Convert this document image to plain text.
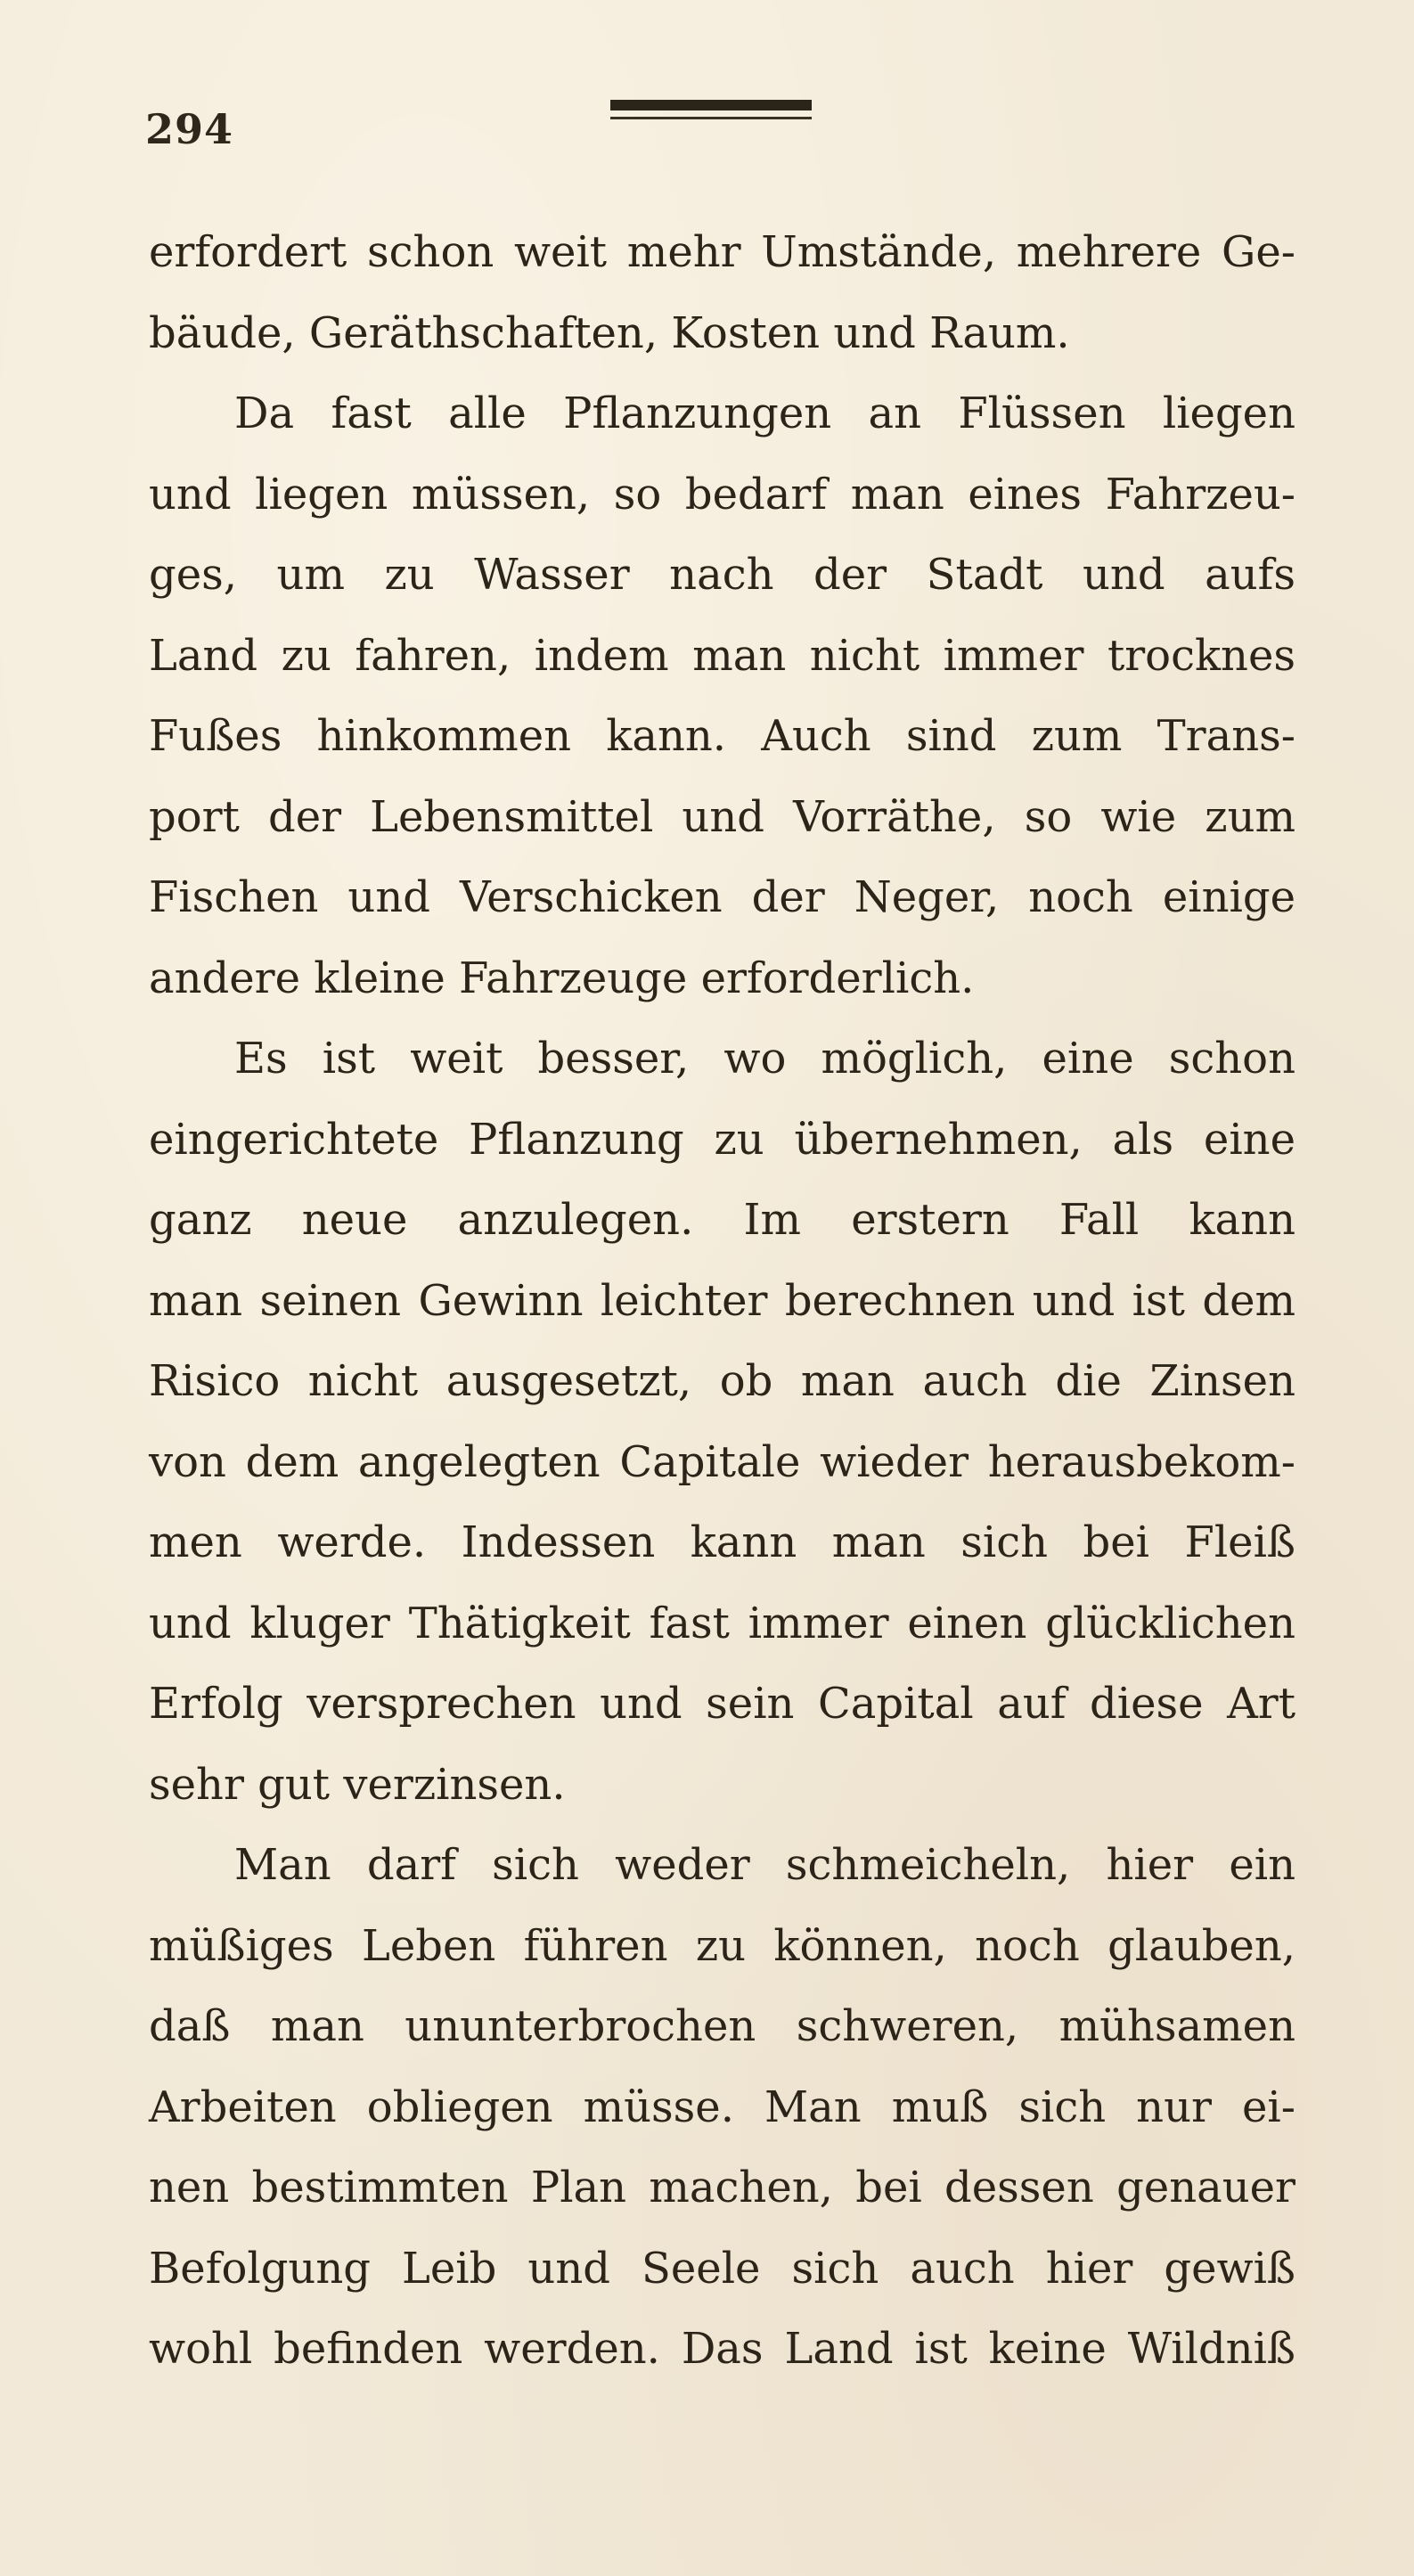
294
erfordert schon weit mehr Umstände, mehrere Ge-
bäude, Geräthschaften, Kosten und Raum.
Da fast alle Pflanzungen an Flüssen liegen
und liegen müssen, so bedarf man eines Fahrzeu-
ges, um zu Wasser nach der Stadt und aufs
Land zu fahren, indem man nicht immer trocknes
Fußes hinkommen kann. Auch sind zum Trans-
port der Lebensmittel und Vorräthe, so wie zum
Fischen und Verschicken der Neger, noch einige
andere kleine Fahrzeuge erforderlich.
Es ist weit besser, wo möglich, eine schon
eingerichtete Pflanzung zu übernehmen, als eine
ganz neue anzulegen. Im erstern Fall kann
man seinen Gewinn leichter berechnen und ist dem
Risico nicht ausgesetzt, ob man auch die Zinsen
von dem angelegten Capitale wieder herausbekom-
men werde. Indessen kann man sich bei Fleiß
und kluger Thätigkeit fast immer einen glücklichen
Erfolg versprechen und sein Capital auf diese Art
sehr gut verzinsen.
Man darf sich weder schmeicheln, hier ein
müßiges Leben führen zu können, noch glauben,
daß man ununterbrochen schweren, mühsamen
Arbeiten obliegen müsse. Man muß sich nur ei-
nen bestimmten Plan machen, bei dessen genauer
Befolgung Leib und Seele sich auch hier gewiß
wohl befinden werden. Das Land ist keine Wildniß
